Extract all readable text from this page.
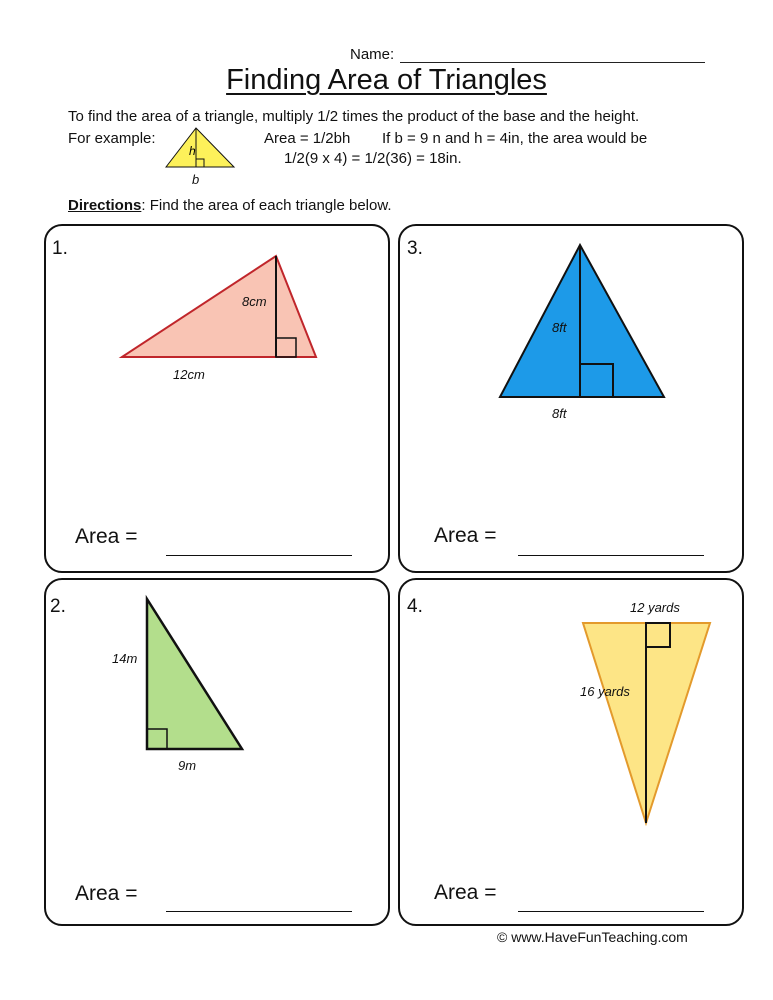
Name:
Finding Area of Triangles
To find the area of a triangle, multiply 1/2 times the product of the base and the height.
For example:
h
b
Area = 1/2bh If b = 9 n and h = 4in, the area would be
1/2(9 x 4) = 1/2(36) = 18in.
Directions: Find the area of each triangle below.
1.
8cm
12cm
Area =
3.
8ft
8ft
Area =
2.
14m
9m
Area =
4.	12 yards
16 yards
Area =
© www.HaveFunTeaching.com
